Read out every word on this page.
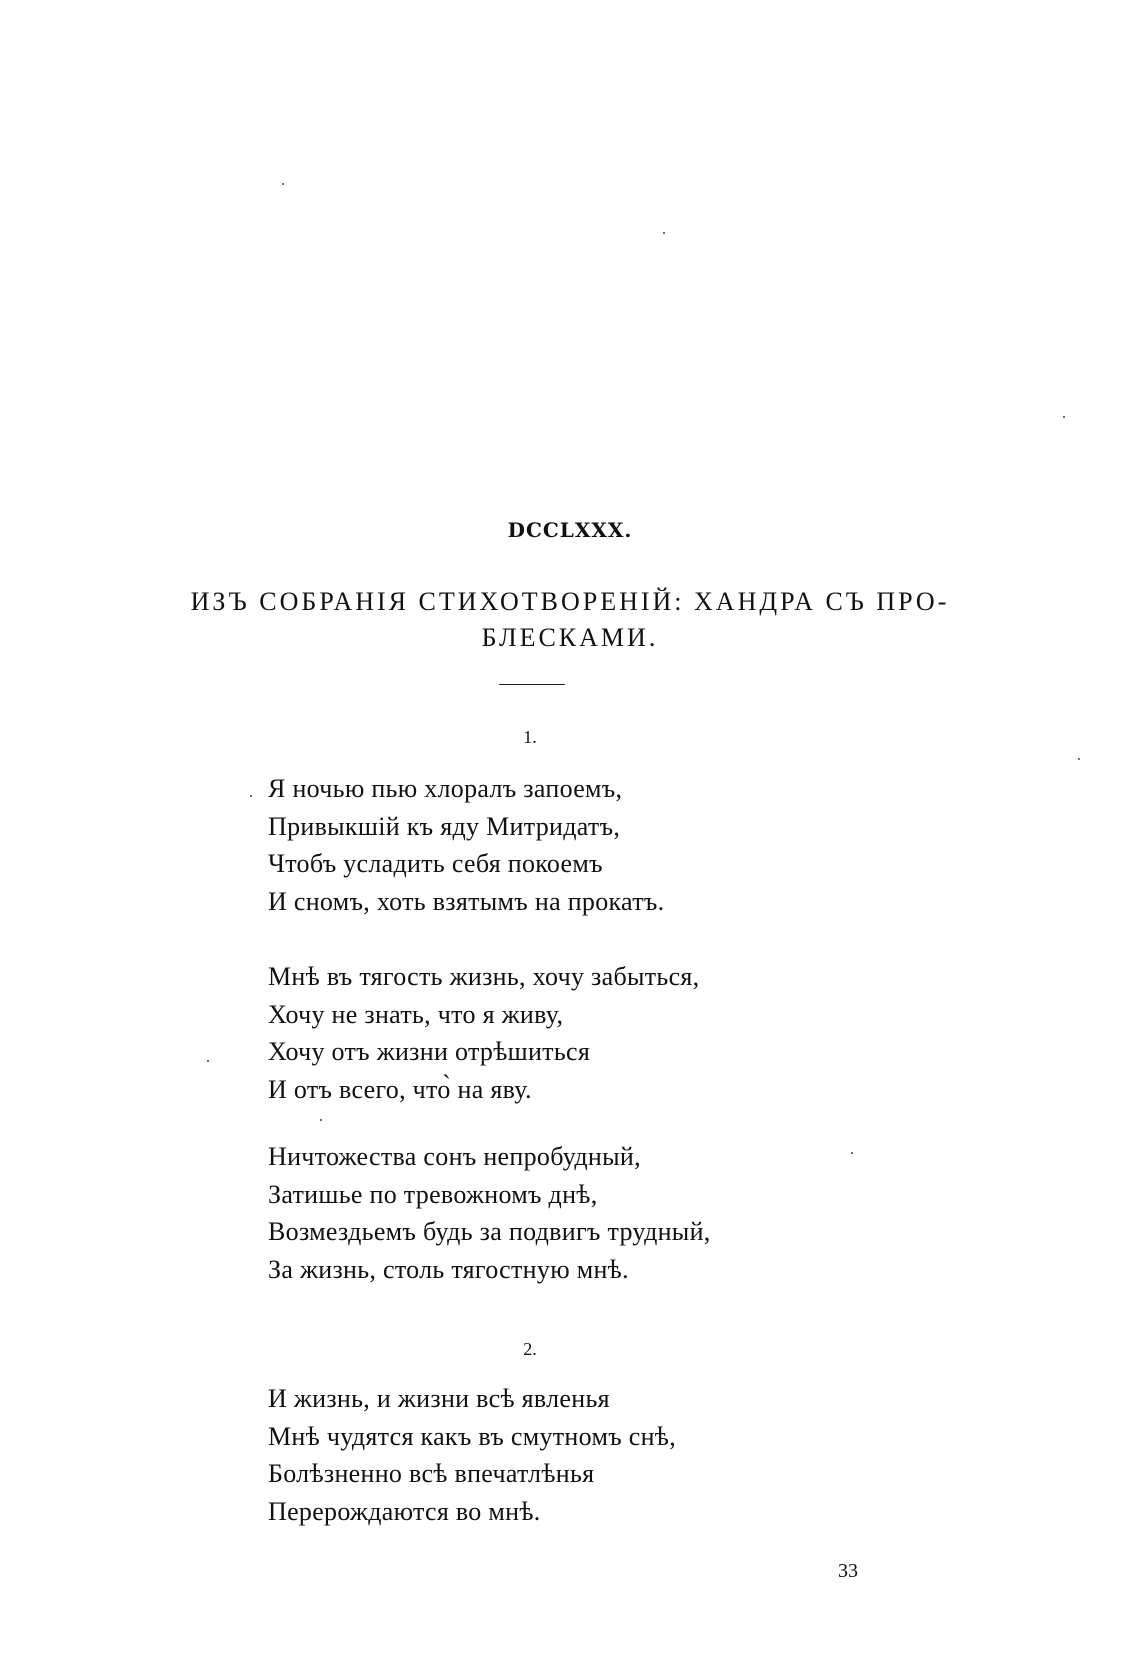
DCCLXXX.
ИЗЪ СОБРАНІЯ СТИХОТВОРЕНІЙ: ХАНДРА СЪ ПРО-
БЛЕСКАМИ.
1.
Я ночью пью хлоралъ запоемъ,
Привыкшій къ яду Митридатъ,
Чтобъ усладить себя покоемъ
И сномъ, хоть взятымъ на прокатъ.
Мнѣ въ тягость жизнь, хочу забыться,
Хочу не знать, что я живу,
Хочу отъ жизни отрѣшиться
И отъ всего, что̀ на яву.
Ничтожества сонъ непробудный,
Затишье по тревожномъ днѣ,
Возмездьемъ будь за подвигъ трудный,
За жизнь, столь тягостную мнѣ.
2.
И жизнь, и жизни всѣ явленья
Мнѣ чудятся какъ въ смутномъ снѣ,
Болѣзненно всѣ впечатлѣнья
Перерождаются во мнѣ.
33
